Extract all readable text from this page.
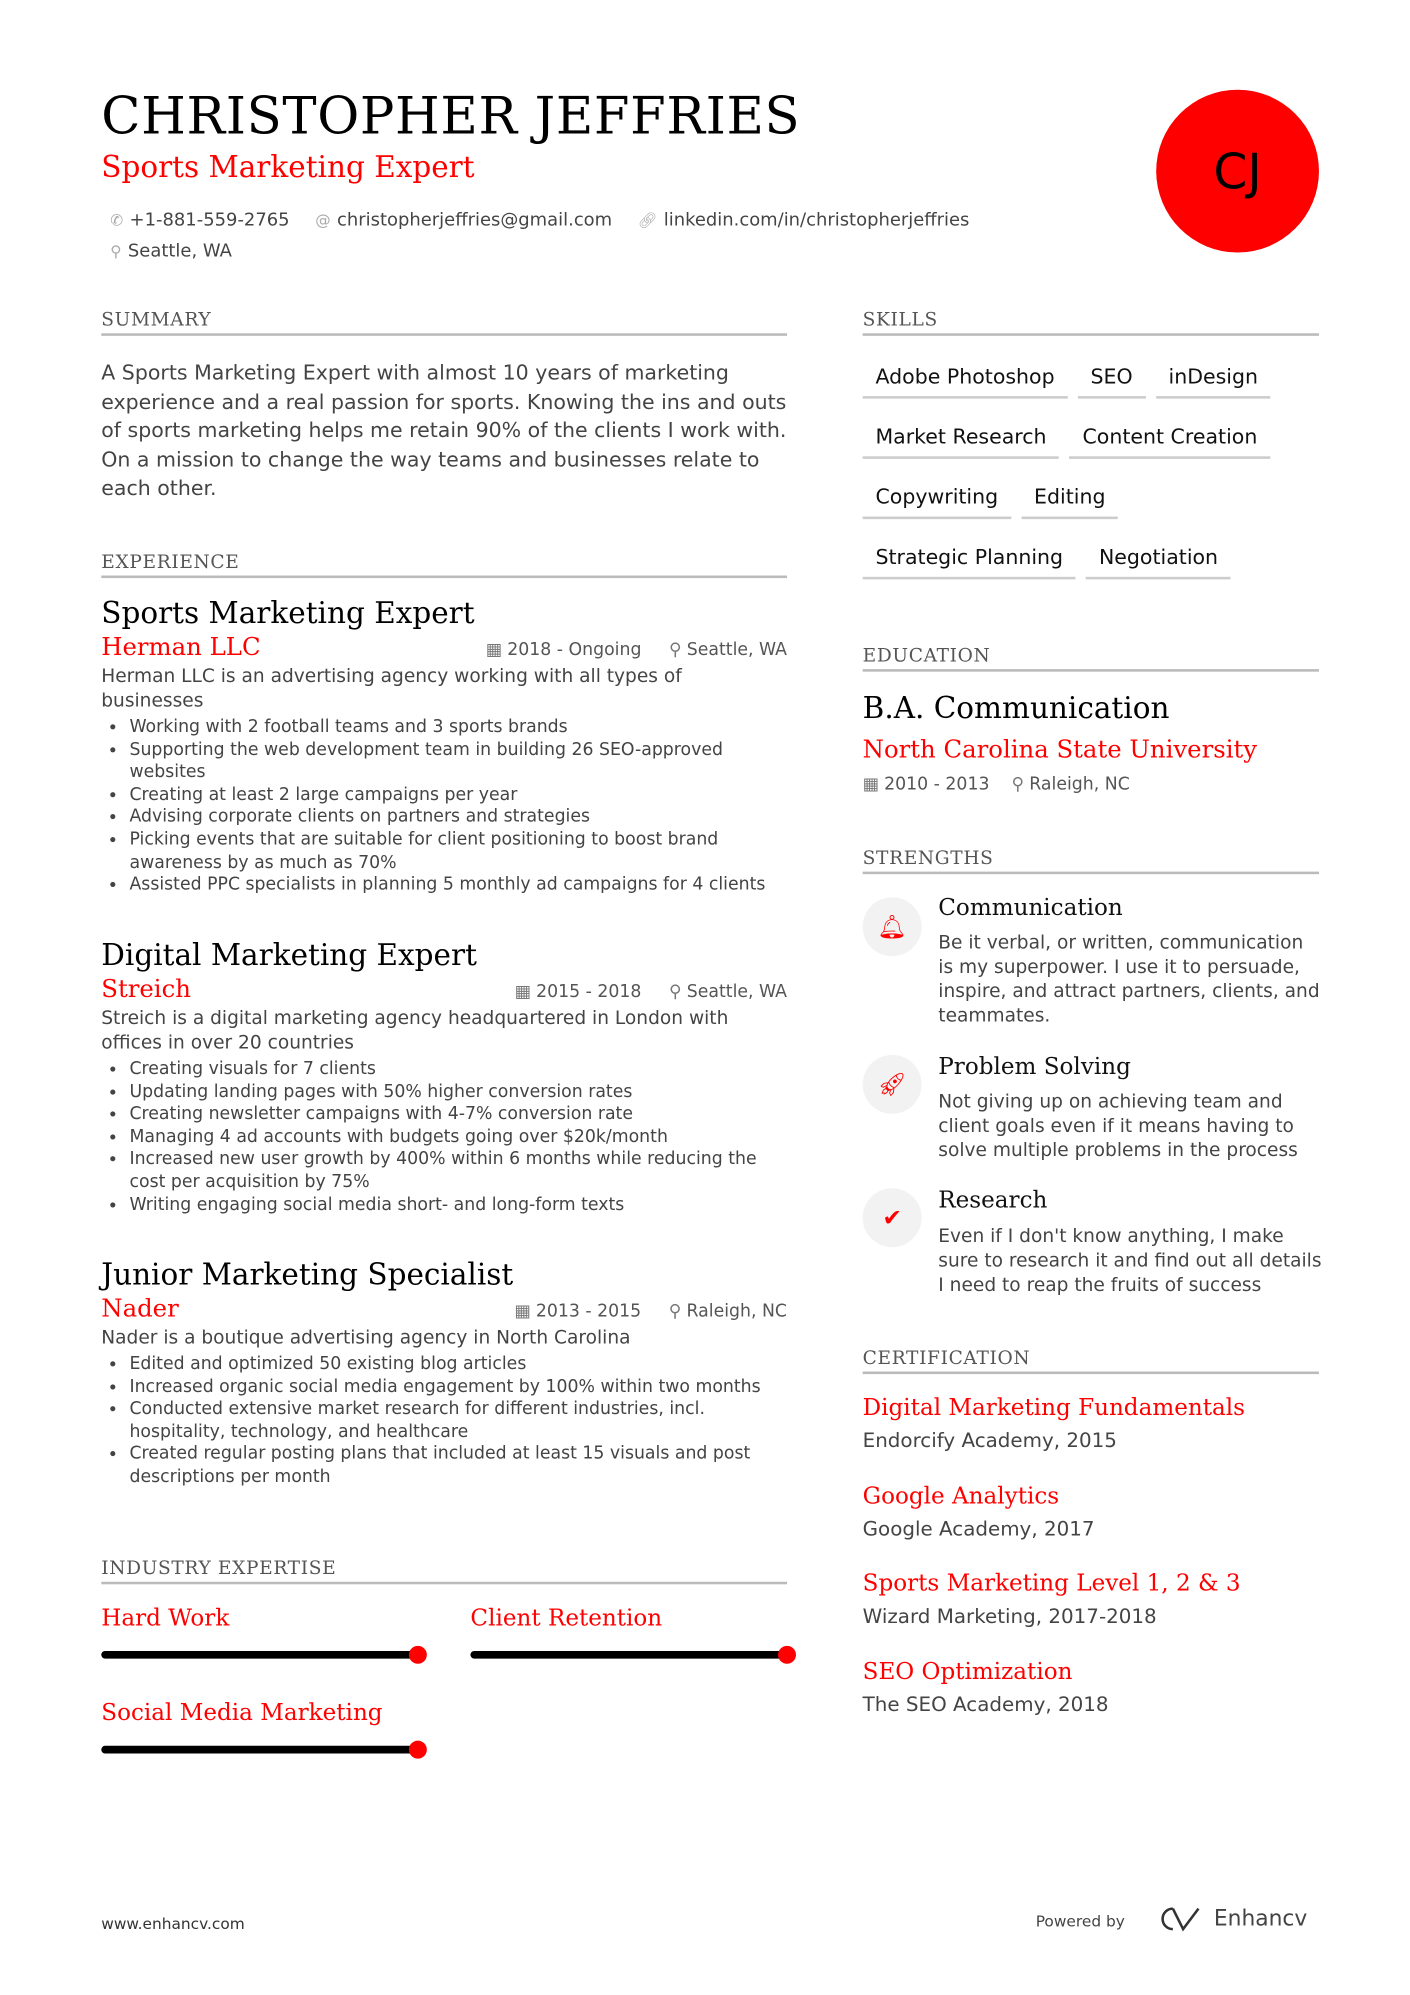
CHRISTOPHER JEFFRIES
Sports Marketing Expert
✆ +1-881-559-2765 @ christopherjeffries@gmail.com 🔗︎ linkedin.com/in/christopherjeffries
⚲ Seattle, WA
CJ
SUMMARY
A Sports Marketing Expert with almost 10 years of marketing experience and a real passion for sports. Knowing the ins and outs of sports marketing helps me retain 90% of the clients I work with. On a mission to change the way teams and businesses relate to each other.
EXPERIENCE
Sports Marketing Expert
Herman LLC	▦ 2018 - Ongoing ⚲ Seattle, WA
Herman LLC is an advertising agency working with all types of businesses
• Working with 2 football teams and 3 sports brands
• Supporting the web development team in building 26 SEO-approved websites
• Creating at least 2 large campaigns per year
• Advising corporate clients on partners and strategies
• Picking events that are suitable for client positioning to boost brand awareness by as much as 70%
• Assisted PPC specialists in planning 5 monthly ad campaigns for 4 clients
Digital Marketing Expert
Streich	▦ 2015 - 2018 ⚲ Seattle, WA
Streich is a digital marketing agency headquartered in London with offices in over 20 countries
• Creating visuals for 7 clients
• Updating landing pages with 50% higher conversion rates
• Creating newsletter campaigns with 4-7% conversion rate
• Managing 4 ad accounts with budgets going over $20k/month
• Increased new user growth by 400% within 6 months while reducing the cost per acquisition by 75%
• Writing engaging social media short- and long-form texts
Junior Marketing Specialist
Nader	▦ 2013 - 2015 ⚲ Raleigh, NC
Nader is a boutique advertising agency in North Carolina
• Edited and optimized 50 existing blog articles
• Increased organic social media engagement by 100% within two months
• Conducted extensive market research for different industries, incl. hospitality, technology, and healthcare
• Created regular posting plans that included at least 15 visuals and post descriptions per month
INDUSTRY EXPERTISE
Hard Work	Client Retention
Social Media Marketing
SKILLS
Adobe Photoshop SEO inDesign
Market Research Content Creation
Copywriting Editing
Strategic Planning Negotiation
EDUCATION
B.A. Communication
North Carolina State University
▦ 2010 - 2013 ⚲ Raleigh, NC
STRENGTHS
🔔︎
Communication
Be it verbal, or written, communication is my superpower. I use it to persuade, inspire, and attract partners, clients, and teammates.
🚀︎
Problem Solving
Not giving up on achieving team and client goals even if it means having to solve multiple problems in the process
✔
Research
Even if I don't know anything, I make sure to research it and find out all details I need to reap the fruits of success
CERTIFICATION
Digital Marketing Fundamentals
Endorcify Academy, 2015
Google Analytics
Google Academy, 2017
Sports Marketing Level 1, 2 & 3
Wizard Marketing, 2017-2018
SEO Optimization
The SEO Academy, 2018
www.enhancv.com	Powered by	Enhancv
